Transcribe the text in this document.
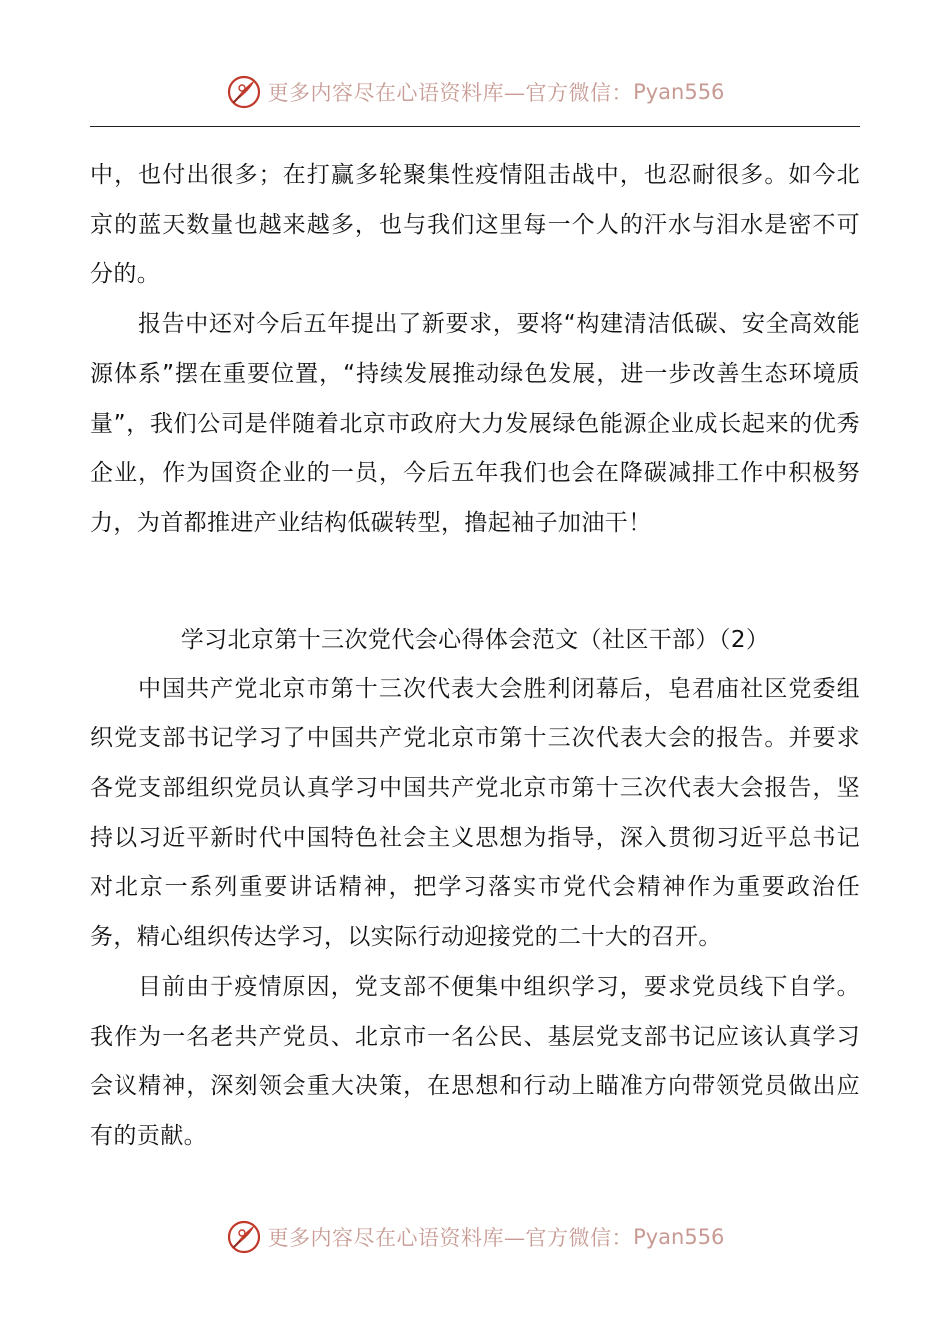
更多内容尽在心语资料库—官方微信： Pyan556

中，也付出很多；在打赢多轮聚集性疫情阻击战中，也忍耐很多。如今北京的蓝天数量也越来越多，也与我们这里每一个人的汗水与泪水是密不可分的。

报告中还对今后五年提出了新要求，要将“构建清洁低碳、安全高效能源体系”摆在重要位置，“持续发展推动绿色发展，进一步改善生态环境质量”，我们公司是伴随着北京市政府大力发展绿色能源企业成长起来的优秀企业，作为国资企业的一员，今后五年我们也会在降碳减排工作中积极努力，为首都推进产业结构低碳转型，撸起袖子加油干！

学习北京第十三次党代会心得体会范文（社区干部）（2）

中国共产党北京市第十三次代表大会胜利闭幕后，皂君庙社区党委组织党支部书记学习了中国共产党北京市第十三次代表大会的报告。并要求各党支部组织党员认真学习中国共产党北京市第十三次代表大会报告，坚持以习近平新时代中国特色社会主义思想为指导，深入贯彻习近平总书记对北京一系列重要讲话精神，把学习落实市党代会精神作为重要政治任务，精心组织传达学习，以实际行动迎接党的二十大的召开。

目前由于疫情原因，党支部不便集中组织学习，要求党员线下自学。我作为一名老共产党员、北京市一名公民、基层党支部书记应该认真学习会议精神，深刻领会重大决策，在思想和行动上瞄准方向带领党员做出应有的贡献。

更多内容尽在心语资料库—官方微信： Pyan556
